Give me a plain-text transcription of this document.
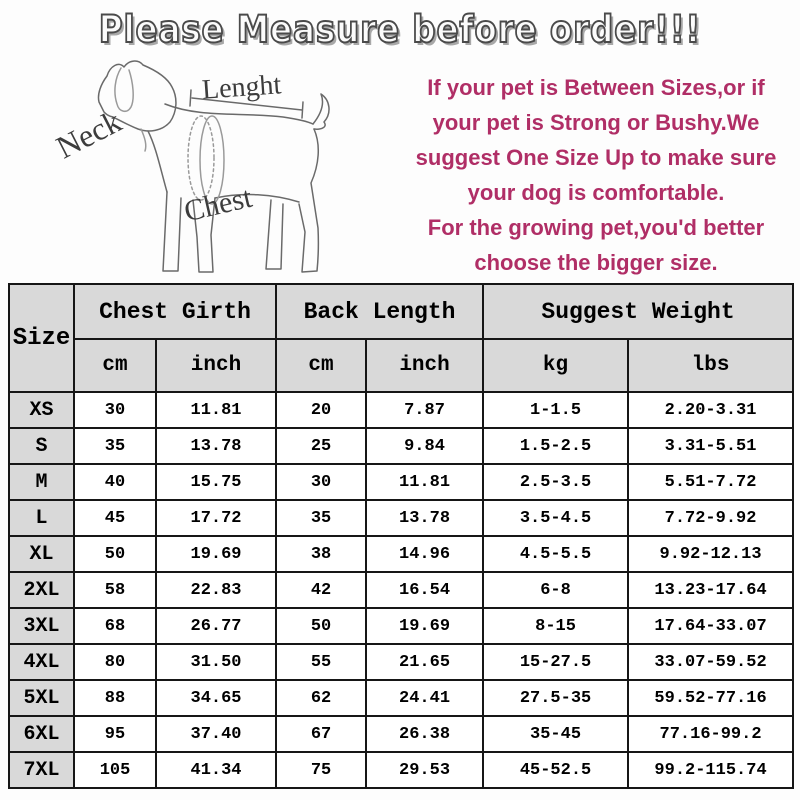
Please Measure before order!!!
Lenght
Neck
Chest
If your pet is Between Sizes,or if
your pet is Strong or Bushy.We
suggest One Size Up to make sure
your dog is comfortable.
For the growing pet,you'd better
choose the bigger size.
Size	Chest Girth		Back Length		Suggest Weight	
	cm	inch	cm	inch	kg	lbs
XS	30	11.81	20	7.87	1-1.5	2.20-3.31
S	35	13.78	25	9.84	1.5-2.5	3.31-5.51
M	40	15.75	30	11.81	2.5-3.5	5.51-7.72
L	45	17.72	35	13.78	3.5-4.5	7.72-9.92
XL	50	19.69	38	14.96	4.5-5.5	9.92-12.13
2XL	58	22.83	42	16.54	6-8	13.23-17.64
3XL	68	26.77	50	19.69	8-15	17.64-33.07
4XL	80	31.50	55	21.65	15-27.5	33.07-59.52
5XL	88	34.65	62	24.41	27.5-35	59.52-77.16
6XL	95	37.40	67	26.38	35-45	77.16-99.2
7XL	105	41.34	75	29.53	45-52.5	99.2-115.74
